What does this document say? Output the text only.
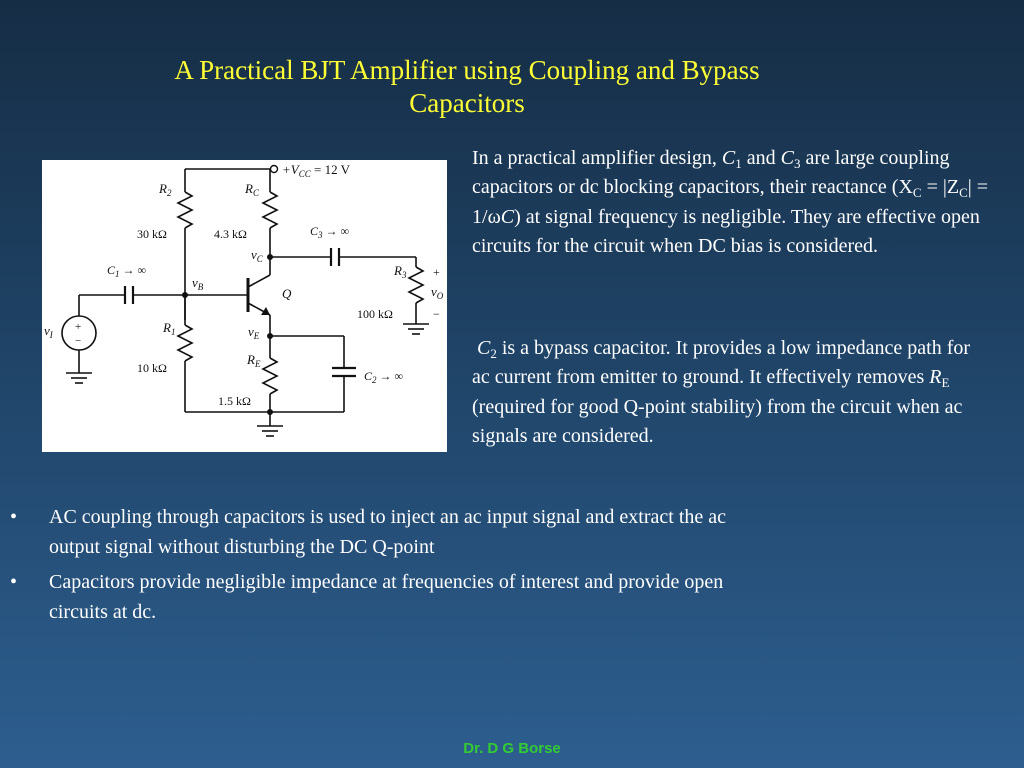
A Practical BJT Amplifier using Coupling and Bypass
Capacitors
$+V_{CC} = 12$ V
$R_2$
30 kΩ
$R_C$
4.3 kΩ	$C_3$ → ∞
$C_1$ → ∞
$v_C$
$v_B$	Q
$R_3$
100 kΩ
+
$v_O$
−
$v_I$
+
−
$R_1$
10 kΩ
$v_E$
$R_E$
1.5 kΩ
$C_2$ → ∞
In a practical amplifier design, $C_1$ and $C_3$ are large coupling capacitors or dc blocking capacitors, their reactance $(X_C = |Z_C| = 1/\omega C)$ at signal frequency is negligible. They are effective open circuits for the circuit when DC bias is considered.
$C_2$ is a bypass capacitor. It provides a low impedance path for ac current from emitter to ground. It effectively removes $R_E$ (required for good Q-point stability) from the circuit when ac signals are considered.
• AC coupling through capacitors is used to inject an ac input signal and extract the ac output signal without disturbing the DC Q-point
• Capacitors provide negligible impedance at frequencies of interest and provide open circuits at dc.
Dr. D G Borse
